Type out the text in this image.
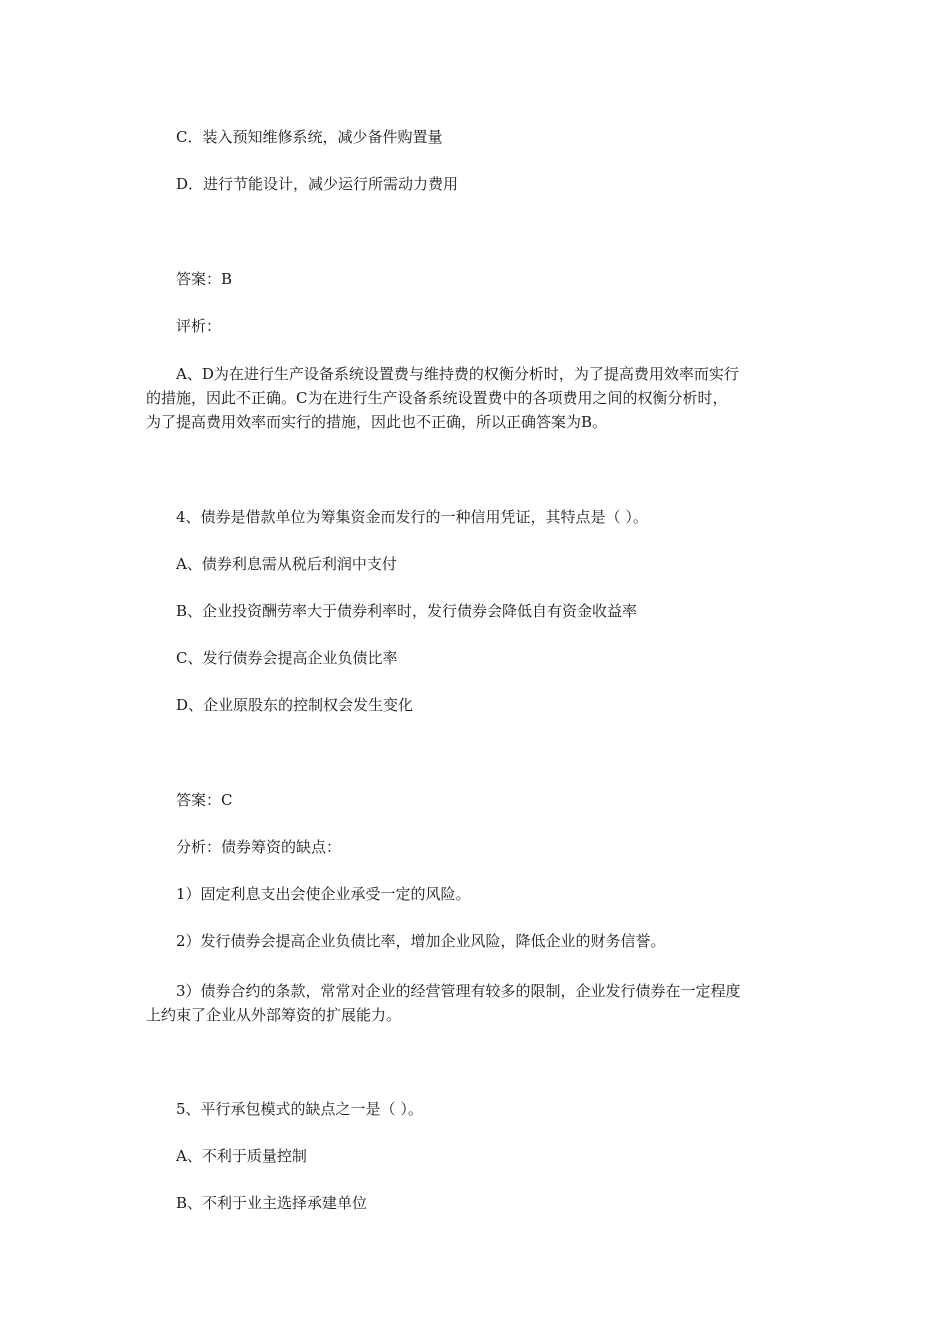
C．装入预知维修系统，减少备件购置量
D．进行节能设计，减少运行所需动力费用
答案：B
评析：
A、D为在进行生产设备系统设置费与维持费的权衡分析时，为了提高费用效率而实行
的措施，因此不正确。C为在进行生产设备系统设置费中的各项费用之间的权衡分析时，
为了提高费用效率而实行的措施，因此也不正确，所以正确答案为B。
4、债券是借款单位为筹集资金而发行的一种信用凭证，其特点是（ ）。
A、债券利息需从税后利润中支付
B、企业投资酬劳率大于债券利率时，发行债券会降低自有资金收益率
C、发行债券会提高企业负债比率
D、企业原股东的控制权会发生变化
答案：C
分析：债券筹资的缺点：
1）固定利息支出会使企业承受一定的风险。
2）发行债券会提高企业负债比率，增加企业风险，降低企业的财务信誉。
3）债券合约的条款，常常对企业的经营管理有较多的限制，企业发行债券在一定程度
上约束了企业从外部筹资的扩展能力。
5、平行承包模式的缺点之一是（ ）。
A、不利于质量控制
B、不利于业主选择承建单位
